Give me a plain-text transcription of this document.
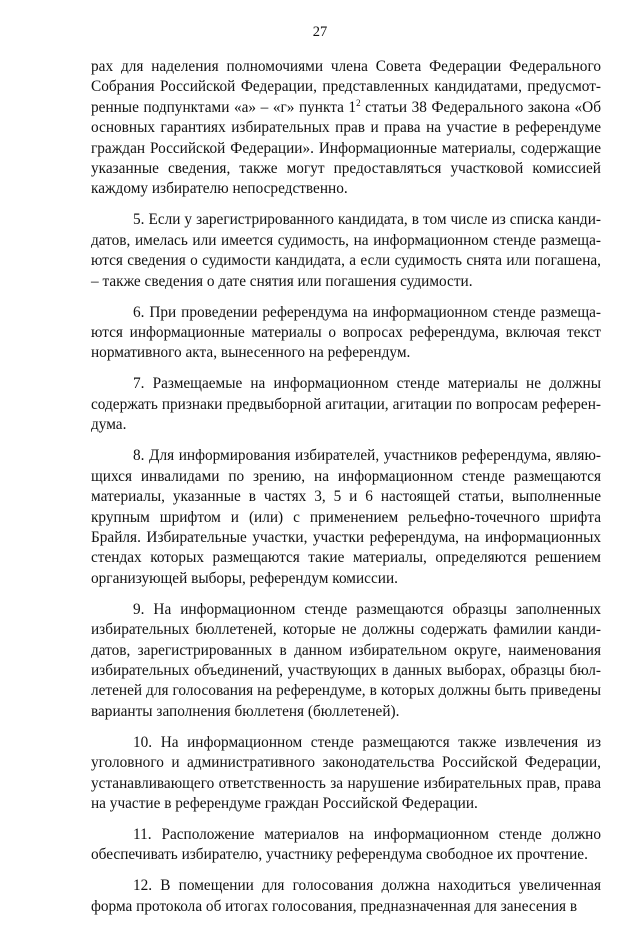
27

рах для наделения полномочиями члена Совета Федерации Федерального Собрания Российской Федерации, представленных кандидатами, предусмотренные подпунктами «а» – «г» пункта $1^2$ статьи 38 Федерального закона «Об основных гарантиях избирательных прав и права на участие в референдуме граждан Российской Федерации». Информационные материалы, содержащие указанные сведения, также могут предоставляться участковой комиссией каждому избирателю непосредственно.

5. Если у зарегистрированного кандидата, в том числе из списка кандидатов, имелась или имеется судимость, на информационном стенде размещаются сведения о судимости кандидата, а если судимость снята или погашена, – также сведения о дате снятия или погашения судимости.

6. При проведении референдума на информационном стенде размещаются информационные материалы о вопросах референдума, включая текст нормативного акта, вынесенного на референдум.

7. Размещаемые на информационном стенде материалы не должны содержать признаки предвыборной агитации, агитации по вопросам референдума.

8. Для информирования избирателей, участников референдума, являющихся инвалидами по зрению, на информационном стенде размещаются материалы, указанные в частях 3, 5 и 6 настоящей статьи, выполненные крупным шрифтом и (или) с применением рельефно-точечного шрифта Брайля. Избирательные участки, участки референдума, на информационных стендах которых размещаются такие материалы, определяются решением организующей выборы, референдум комиссии.

9. На информационном стенде размещаются образцы заполненных избирательных бюллетеней, которые не должны содержать фамилии кандидатов, зарегистрированных в данном избирательном округе, наименования избирательных объединений, участвующих в данных выборах, образцы бюллетеней для голосования на референдуме, в которых должны быть приведены варианты заполнения бюллетеня (бюллетеней).

10. На информационном стенде размещаются также извлечения из уголовного и административного законодательства Российской Федерации, устанавливающего ответственность за нарушение избирательных прав, права на участие в референдуме граждан Российской Федерации.

11. Расположение материалов на информационном стенде должно обеспечивать избирателю, участнику референдума свободное их прочтение.

12. В помещении для голосования должна находиться увеличенная форма протокола об итогах голосования, предназначенная для занесения в
